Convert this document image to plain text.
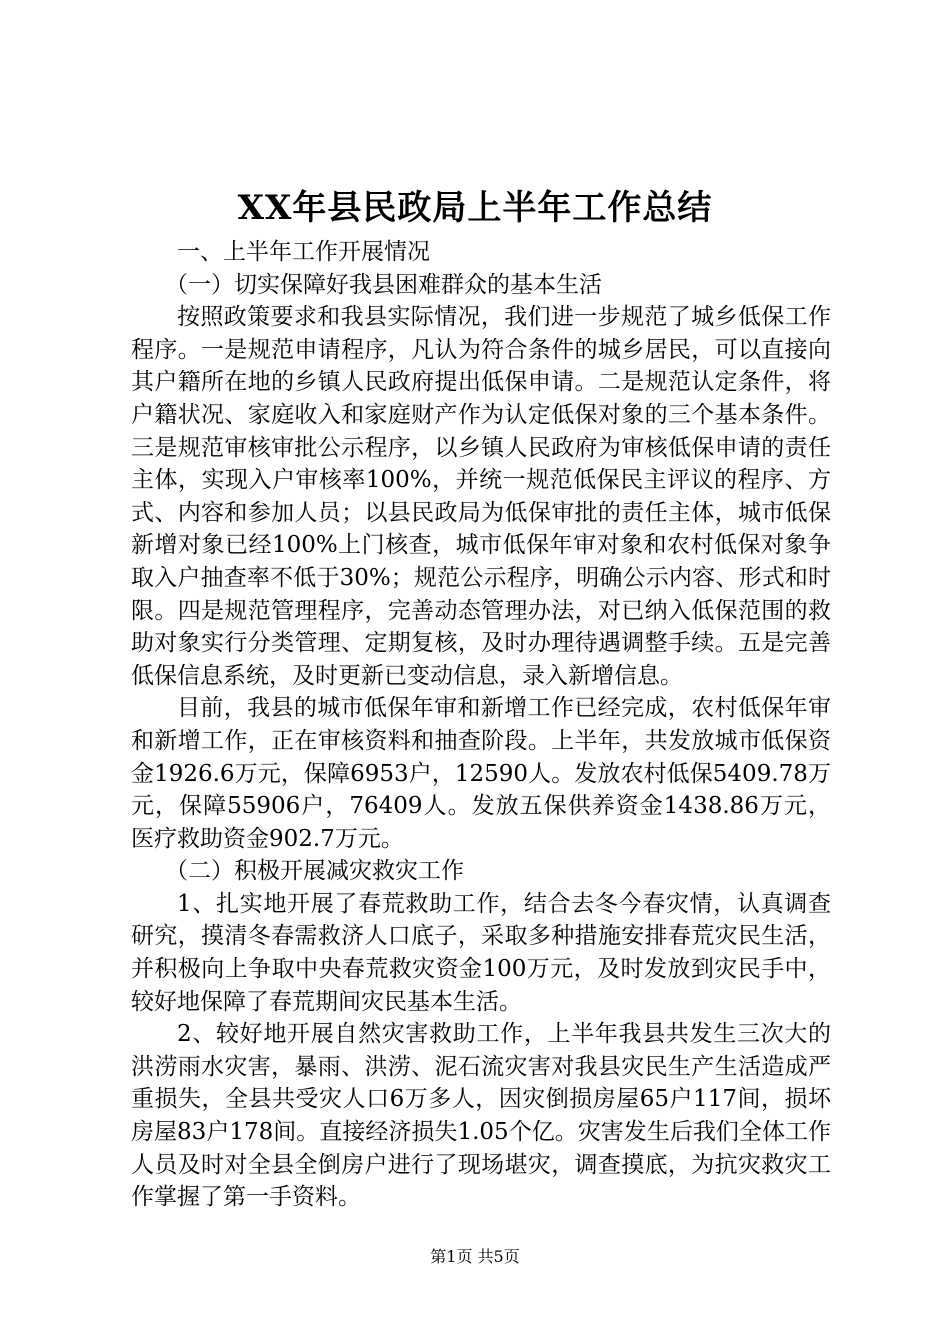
XX年县民政局上半年工作总结

一、上半年工作开展情况

（一）切实保障好我县困难群众的基本生活

按照政策要求和我县实际情况，我们进一步规范了城乡低保工作程序。一是规范申请程序，凡认为符合条件的城乡居民，可以直接向其户籍所在地的乡镇人民政府提出低保申请。二是规范认定条件，将户籍状况、家庭收入和家庭财产作为认定低保对象的三个基本条件。三是规范审核审批公示程序，以乡镇人民政府为审核低保申请的责任主体，实现入户审核率100%，并统一规范低保民主评议的程序、方式、内容和参加人员；以县民政局为低保审批的责任主体，城市低保新增对象已经100%上门核查，城市低保年审对象和农村低保对象争取入户抽查率不低于30%；规范公示程序，明确公示内容、形式和时限。四是规范管理程序，完善动态管理办法，对已纳入低保范围的救助对象实行分类管理、定期复核，及时办理待遇调整手续。五是完善低保信息系统，及时更新已变动信息，录入新增信息。

目前，我县的城市低保年审和新增工作已经完成，农村低保年审和新增工作，正在审核资料和抽查阶段。上半年，共发放城市低保资金1926.6万元，保障6953户，12590人。发放农村低保5409.78万元，保障55906户，76409人。发放五保供养资金1438.86万元，医疗救助资金902.7万元。

（二）积极开展减灾救灾工作

1、扎实地开展了春荒救助工作，结合去冬今春灾情，认真调查研究，摸清冬春需救济人口底子，采取多种措施安排春荒灾民生活，并积极向上争取中央春荒救灾资金100万元，及时发放到灾民手中，较好地保障了春荒期间灾民基本生活。

2、较好地开展自然灾害救助工作，上半年我县共发生三次大的洪涝雨水灾害，暴雨、洪涝、泥石流灾害对我县灾民生产生活造成严重损失，全县共受灾人口6万多人，因灾倒损房屋65户117间，损坏房屋83户178间。直接经济损失1.05个亿。灾害发生后我们全体工作人员及时对全县全倒房户进行了现场堪灾，调查摸底，为抗灾救灾工作掌握了第一手资料。

第1页 共5页
